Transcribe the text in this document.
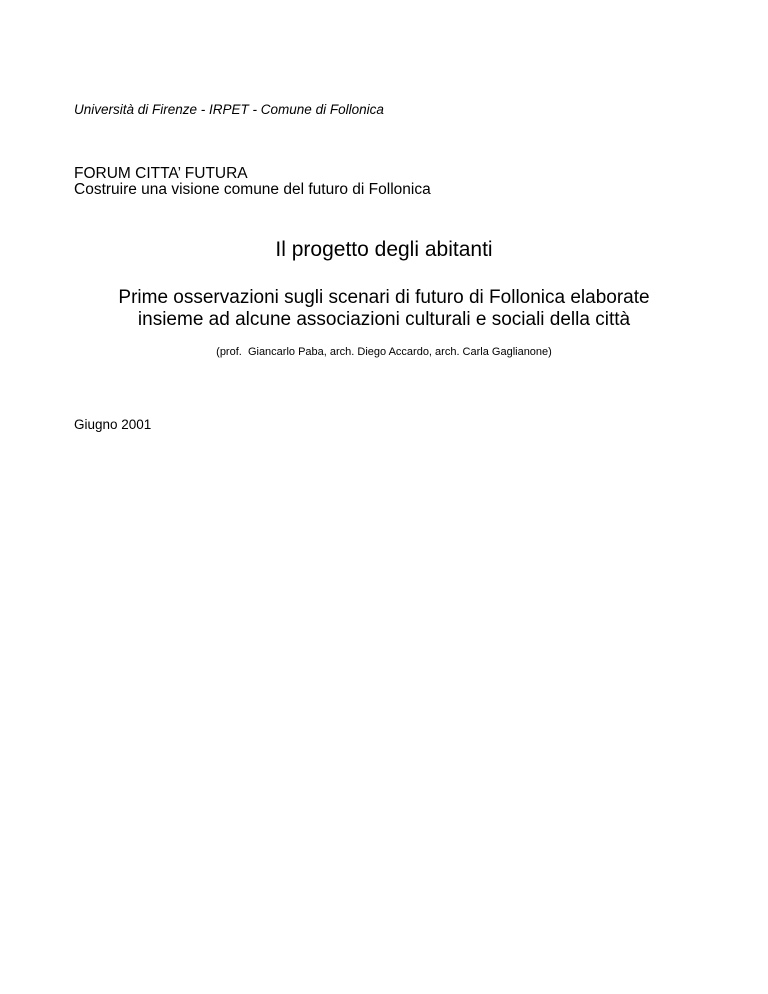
Università di Firenze - IRPET - Comune di Follonica
FORUM CITTA’ FUTURA
Costruire una visione comune del futuro di Follonica
Il progetto degli abitanti
Prime osservazioni sugli scenari di futuro di Follonica elaborate
insieme ad alcune associazioni culturali e sociali della città
(prof.  Giancarlo Paba, arch. Diego Accardo, arch. Carla Gaglianone)
Giugno 2001
